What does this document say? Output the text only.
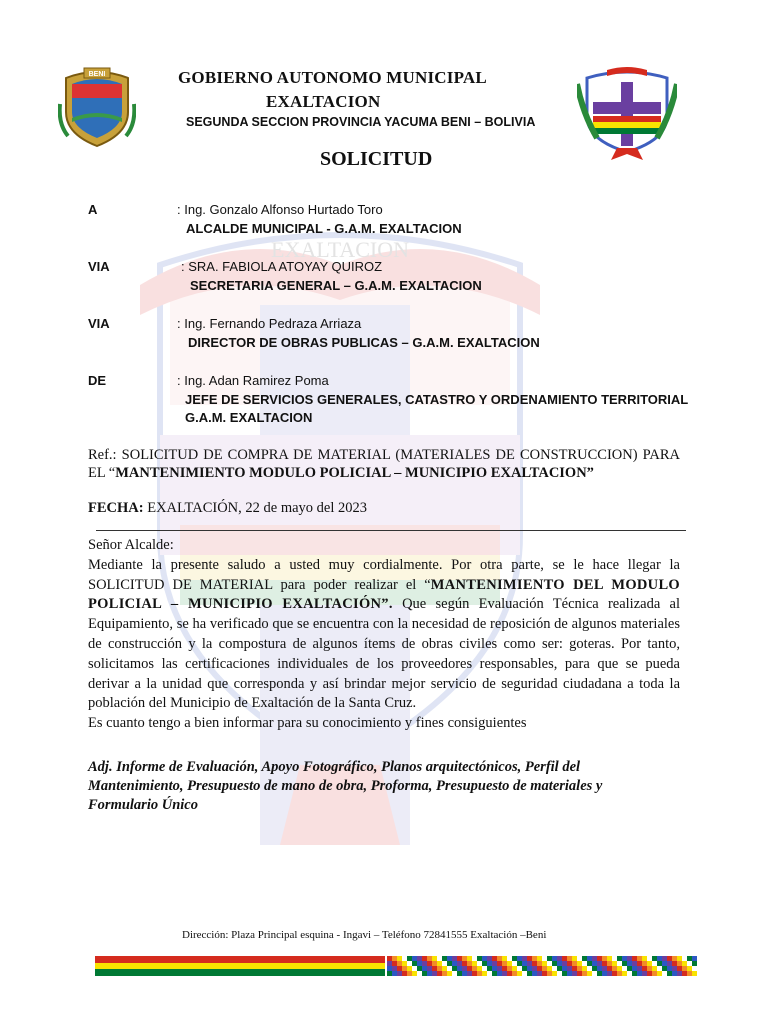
EXALTACION
BENI	GOBIERNO AUTONOMO MUNICIPAL
EXALTACION
SEGUNDA SECCION PROVINCIA YACUMA BENI – BOLIVIA
SOLICITUD
A	: Ing. Gonzalo Alfonso Hurtado Toro
ALCALDE MUNICIPAL - G.A.M. EXALTACION
VIA	: SRA. FABIOLA ATOYAY QUIROZ
SECRETARIA GENERAL – G.A.M. EXALTACION
VIA	: Ing. Fernando Pedraza Arriaza
DIRECTOR DE OBRAS PUBLICAS – G.A.M. EXALTACION
DE	: Ing. Adan Ramirez Poma
JEFE DE SERVICIOS GENERALES, CATASTRO Y ORDENAMIENTO TERRITORIAL
G.A.M. EXALTACION
Ref.: SOLICITUD DE COMPRA DE MATERIAL (MATERIALES DE CONSTRUCCION) PARA EL “MANTENIMIENTO MODULO POLICIAL – MUNICIPIO EXALTACION”
FECHA: EXALTACIÓN, 22 de mayo del 2023
Señor Alcalde:
Mediante la presente saludo a usted muy cordialmente. Por otra parte, se le hace llegar la SOLICITUD DE MATERIAL para poder realizar el “MANTENIMIENTO DEL MODULO POLICIAL – MUNICIPIO EXALTACIÓN”. Que según Evaluación Técnica realizada al Equipamiento, se ha verificado que se encuentra con la necesidad de reposición de algunos materiales de construcción y la compostura de algunos ítems de obras civiles como ser: goteras. Por tanto, solicitamos las certificaciones individuales de los proveedores responsables, para que se pueda derivar a la unidad que corresponda y así brindar mejor servicio de seguridad ciudadana a toda la población del Municipio de Exaltación de la Santa Cruz.
Es cuanto tengo a bien informar para su conocimiento y fines consiguientes
Adj. Informe de Evaluación, Apoyo Fotográfico, Planos arquitectónicos, Perfil del Mantenimiento, Presupuesto de mano de obra, Proforma, Presupuesto de materiales y Formulario Único
Dirección: Plaza Principal esquina - Ingavi – Teléfono 72841555 Exaltación –Beni
